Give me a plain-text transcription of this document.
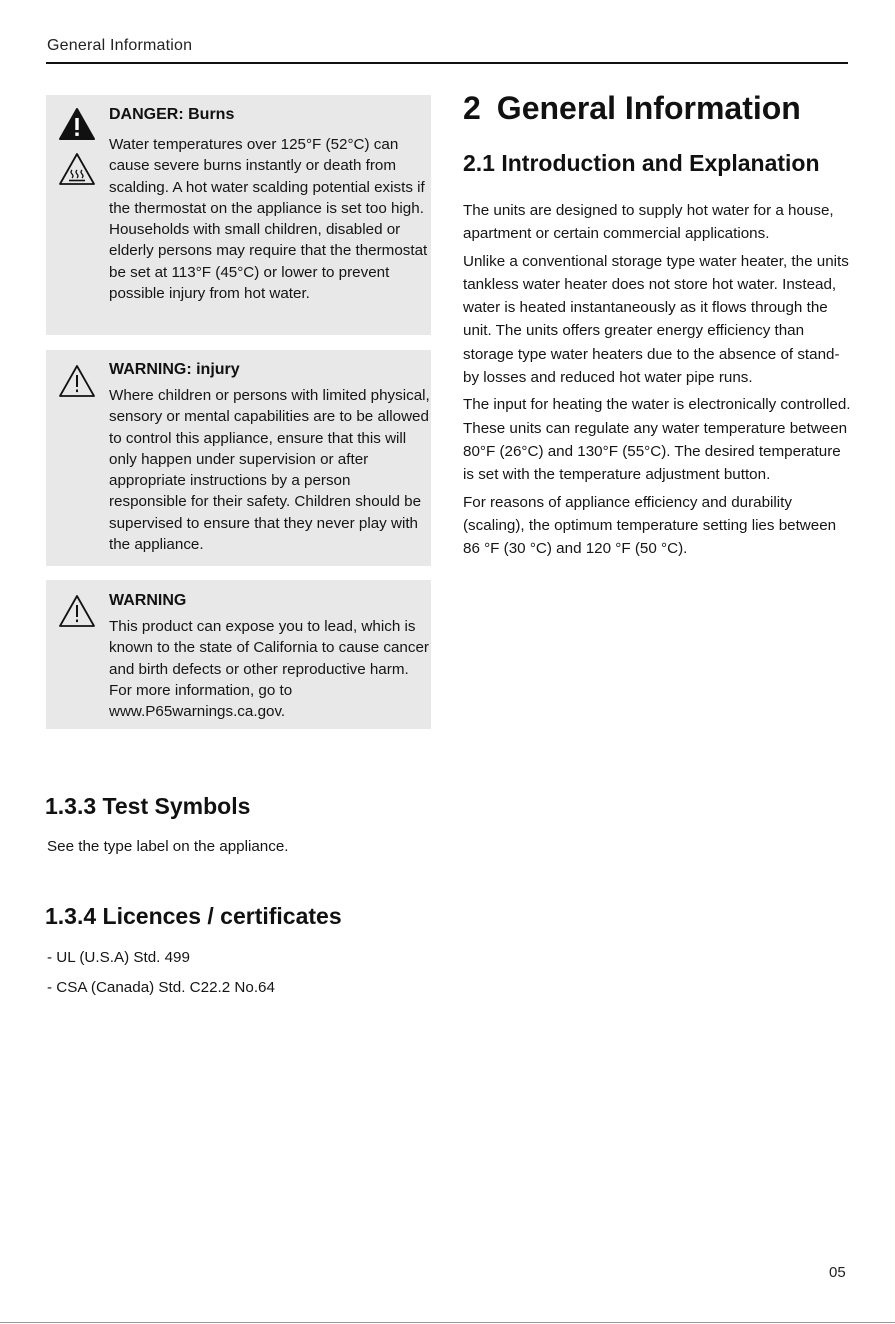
General Information
DANGER: Burns
Water temperatures over 125°F (52°C) can cause severe burns instantly or death from scalding. A hot water scalding potential exists if the thermostat on the appliance is set too high. Households with small children, disabled or elderly persons may require that the thermostat be set at 113°F (45°C) or lower to prevent possible injury from hot water.
WARNING: injury
Where children or persons with limited physical, sensory or mental capabilities are to be allowed to control this appliance, ensure that this will only happen under supervision or after appropriate instructions by a person responsible for their safety. Children should be supervised to ensure that they never play with the appliance.
WARNING
This product can expose you to lead, which is known to the state of California to cause cancer and birth defects or other reproductive harm. For more information, go to www.P65warnings.ca.gov.
2 General Information
2.1 Introduction and Explanation

The units are designed to supply hot water for a house, apartment or certain commercial applications.

Unlike a conventional storage type water heater, the units tankless water heater does not store hot water. Instead, water is heated instantaneously as it flows through the unit. The units offers greater energy efficiency than storage type water heaters due to the absence of stand-by losses and reduced hot water pipe runs.

The input for heating the water is electronically controlled. These units can regulate any water temperature between 80°F (26°C) and 130°F (55°C). The desired temperature is set with the temperature adjustment button.

For reasons of appliance efficiency and durability (scaling), the optimum temperature setting lies between 86 °F (30 °C) and 120 °F (50 °C).

1.3.3 Test Symbols
See the type label on the appliance.
1.3.4 Licences / certificates
- UL (U.S.A) Std. 499
- CSA (Canada) Std. C22.2 No.64
05
